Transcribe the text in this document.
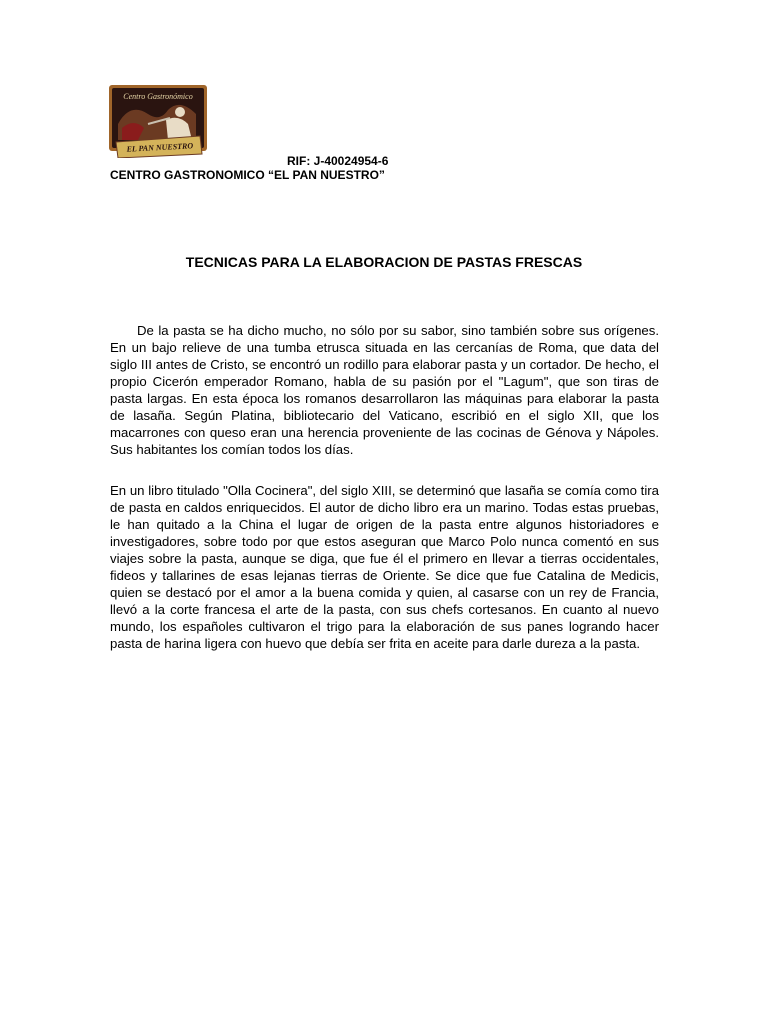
Centro Gastronómico
EL PAN NUESTRO
RIF: J-40024954-6
CENTRO GASTRONOMICO “EL PAN NUESTRO”
TECNICAS PARA LA ELABORACION DE PASTAS FRESCAS

De la pasta se ha dicho mucho, no sólo por su sabor, sino también sobre sus orígenes. En un bajo relieve de una tumba etrusca situada en las cercanías de Roma, que data del siglo III antes de Cristo, se encontró un rodillo para elaborar pasta y un cortador. De hecho, el propio Cicerón emperador Romano, habla de su pasión por el "Lagum", que son tiras de pasta largas. En esta época los romanos desarrollaron las máquinas para elaborar la pasta de lasaña. Según Platina, bibliotecario del Vaticano, escribió en el siglo XII, que los macarrones con queso eran una herencia proveniente de las cocinas de Génova y Nápoles. Sus habitantes los comían todos los días.

En un libro titulado "Olla Cocinera", del siglo XIII, se determinó que lasaña se comía como tira de pasta en caldos enriquecidos. El autor de dicho libro era un marino. Todas estas pruebas, le han quitado a la China el lugar de origen de la pasta entre algunos historiadores e investigadores, sobre todo por que estos aseguran que Marco Polo nunca comentó en sus viajes sobre la pasta, aunque se diga, que fue él el primero en llevar a tierras occidentales, fideos y tallarines de esas lejanas tierras de Oriente. Se dice que fue Catalina de Medicis, quien se destacó por el amor a la buena comida y quien, al casarse con un rey de Francia, llevó a la corte francesa el arte de la pasta, con sus chefs cortesanos. En cuanto al nuevo mundo, los españoles cultivaron el trigo para la elaboración de sus panes logrando hacer pasta de harina ligera con huevo que debía ser frita en aceite para darle dureza a la pasta.
